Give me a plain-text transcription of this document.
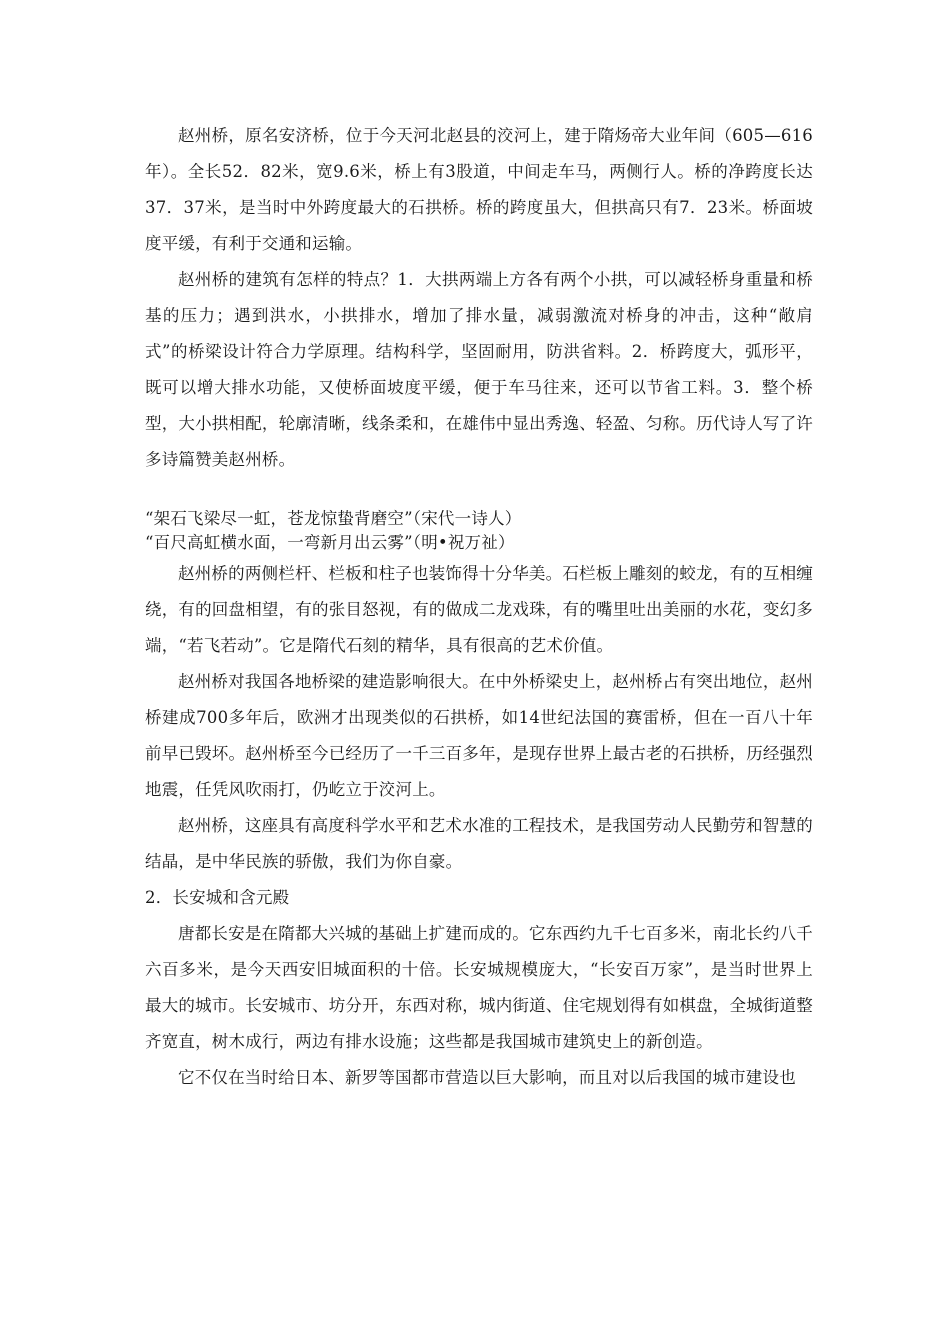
赵州桥，原名安济桥，位于今天河北赵县的洨河上，建于隋炀帝大业年间（605—616年）。全长52．82米，宽9.6米，桥上有3股道，中间走车马，两侧行人。桥的净跨度长达37．37米，是当时中外跨度最大的石拱桥。桥的跨度虽大，但拱高只有7．23米。桥面坡度平缓，有利于交通和运输。

赵州桥的建筑有怎样的特点？1．大拱两端上方各有两个小拱，可以减轻桥身重量和桥基的压力；遇到洪水，小拱排水，增加了排水量，减弱激流对桥身的冲击，这种“敞肩式”的桥梁设计符合力学原理。结构科学，坚固耐用，防洪省料。2．桥跨度大，弧形平，既可以增大排水功能，又使桥面坡度平缓，便于车马往来，还可以节省工料。3．整个桥型，大小拱相配，轮廓清晰，线条柔和，在雄伟中显出秀逸、轻盈、匀称。历代诗人写了许多诗篇赞美赵州桥。

“架石飞梁尽一虹，苍龙惊蛰背磨空”（宋代一诗人）

“百尺高虹横水面，一弯新月出云雾”（明•祝万祉）

赵州桥的两侧栏杆、栏板和柱子也装饰得十分华美。石栏板上雕刻的蛟龙，有的互相缠绕，有的回盘相望，有的张目怒视，有的做成二龙戏珠，有的嘴里吐出美丽的水花，变幻多端，“若飞若动”。它是隋代石刻的精华，具有很高的艺术价值。

赵州桥对我国各地桥梁的建造影响很大。在中外桥梁史上，赵州桥占有突出地位，赵州桥建成700多年后，欧洲才出现类似的石拱桥，如14世纪法国的赛雷桥，但在一百八十年前早已毁坏。赵州桥至今已经历了一千三百多年，是现存世界上最古老的石拱桥，历经强烈地震，任凭风吹雨打，仍屹立于洨河上。

赵州桥，这座具有高度科学水平和艺术水准的工程技术，是我国劳动人民勤劳和智慧的结晶，是中华民族的骄傲，我们为你自豪。

2．长安城和含元殿

唐都长安是在隋都大兴城的基础上扩建而成的。它东西约九千七百多米，南北长约八千六百多米，是今天西安旧城面积的十倍。长安城规模庞大，“长安百万家”，是当时世界上最大的城市。长安城市、坊分开，东西对称，城内街道、住宅规划得有如棋盘，全城街道整齐宽直，树木成行，两边有排水设施；这些都是我国城市建筑史上的新创造。

它不仅在当时给日本、新罗等国都市营造以巨大影响，而且对以后我国的城市建设也
